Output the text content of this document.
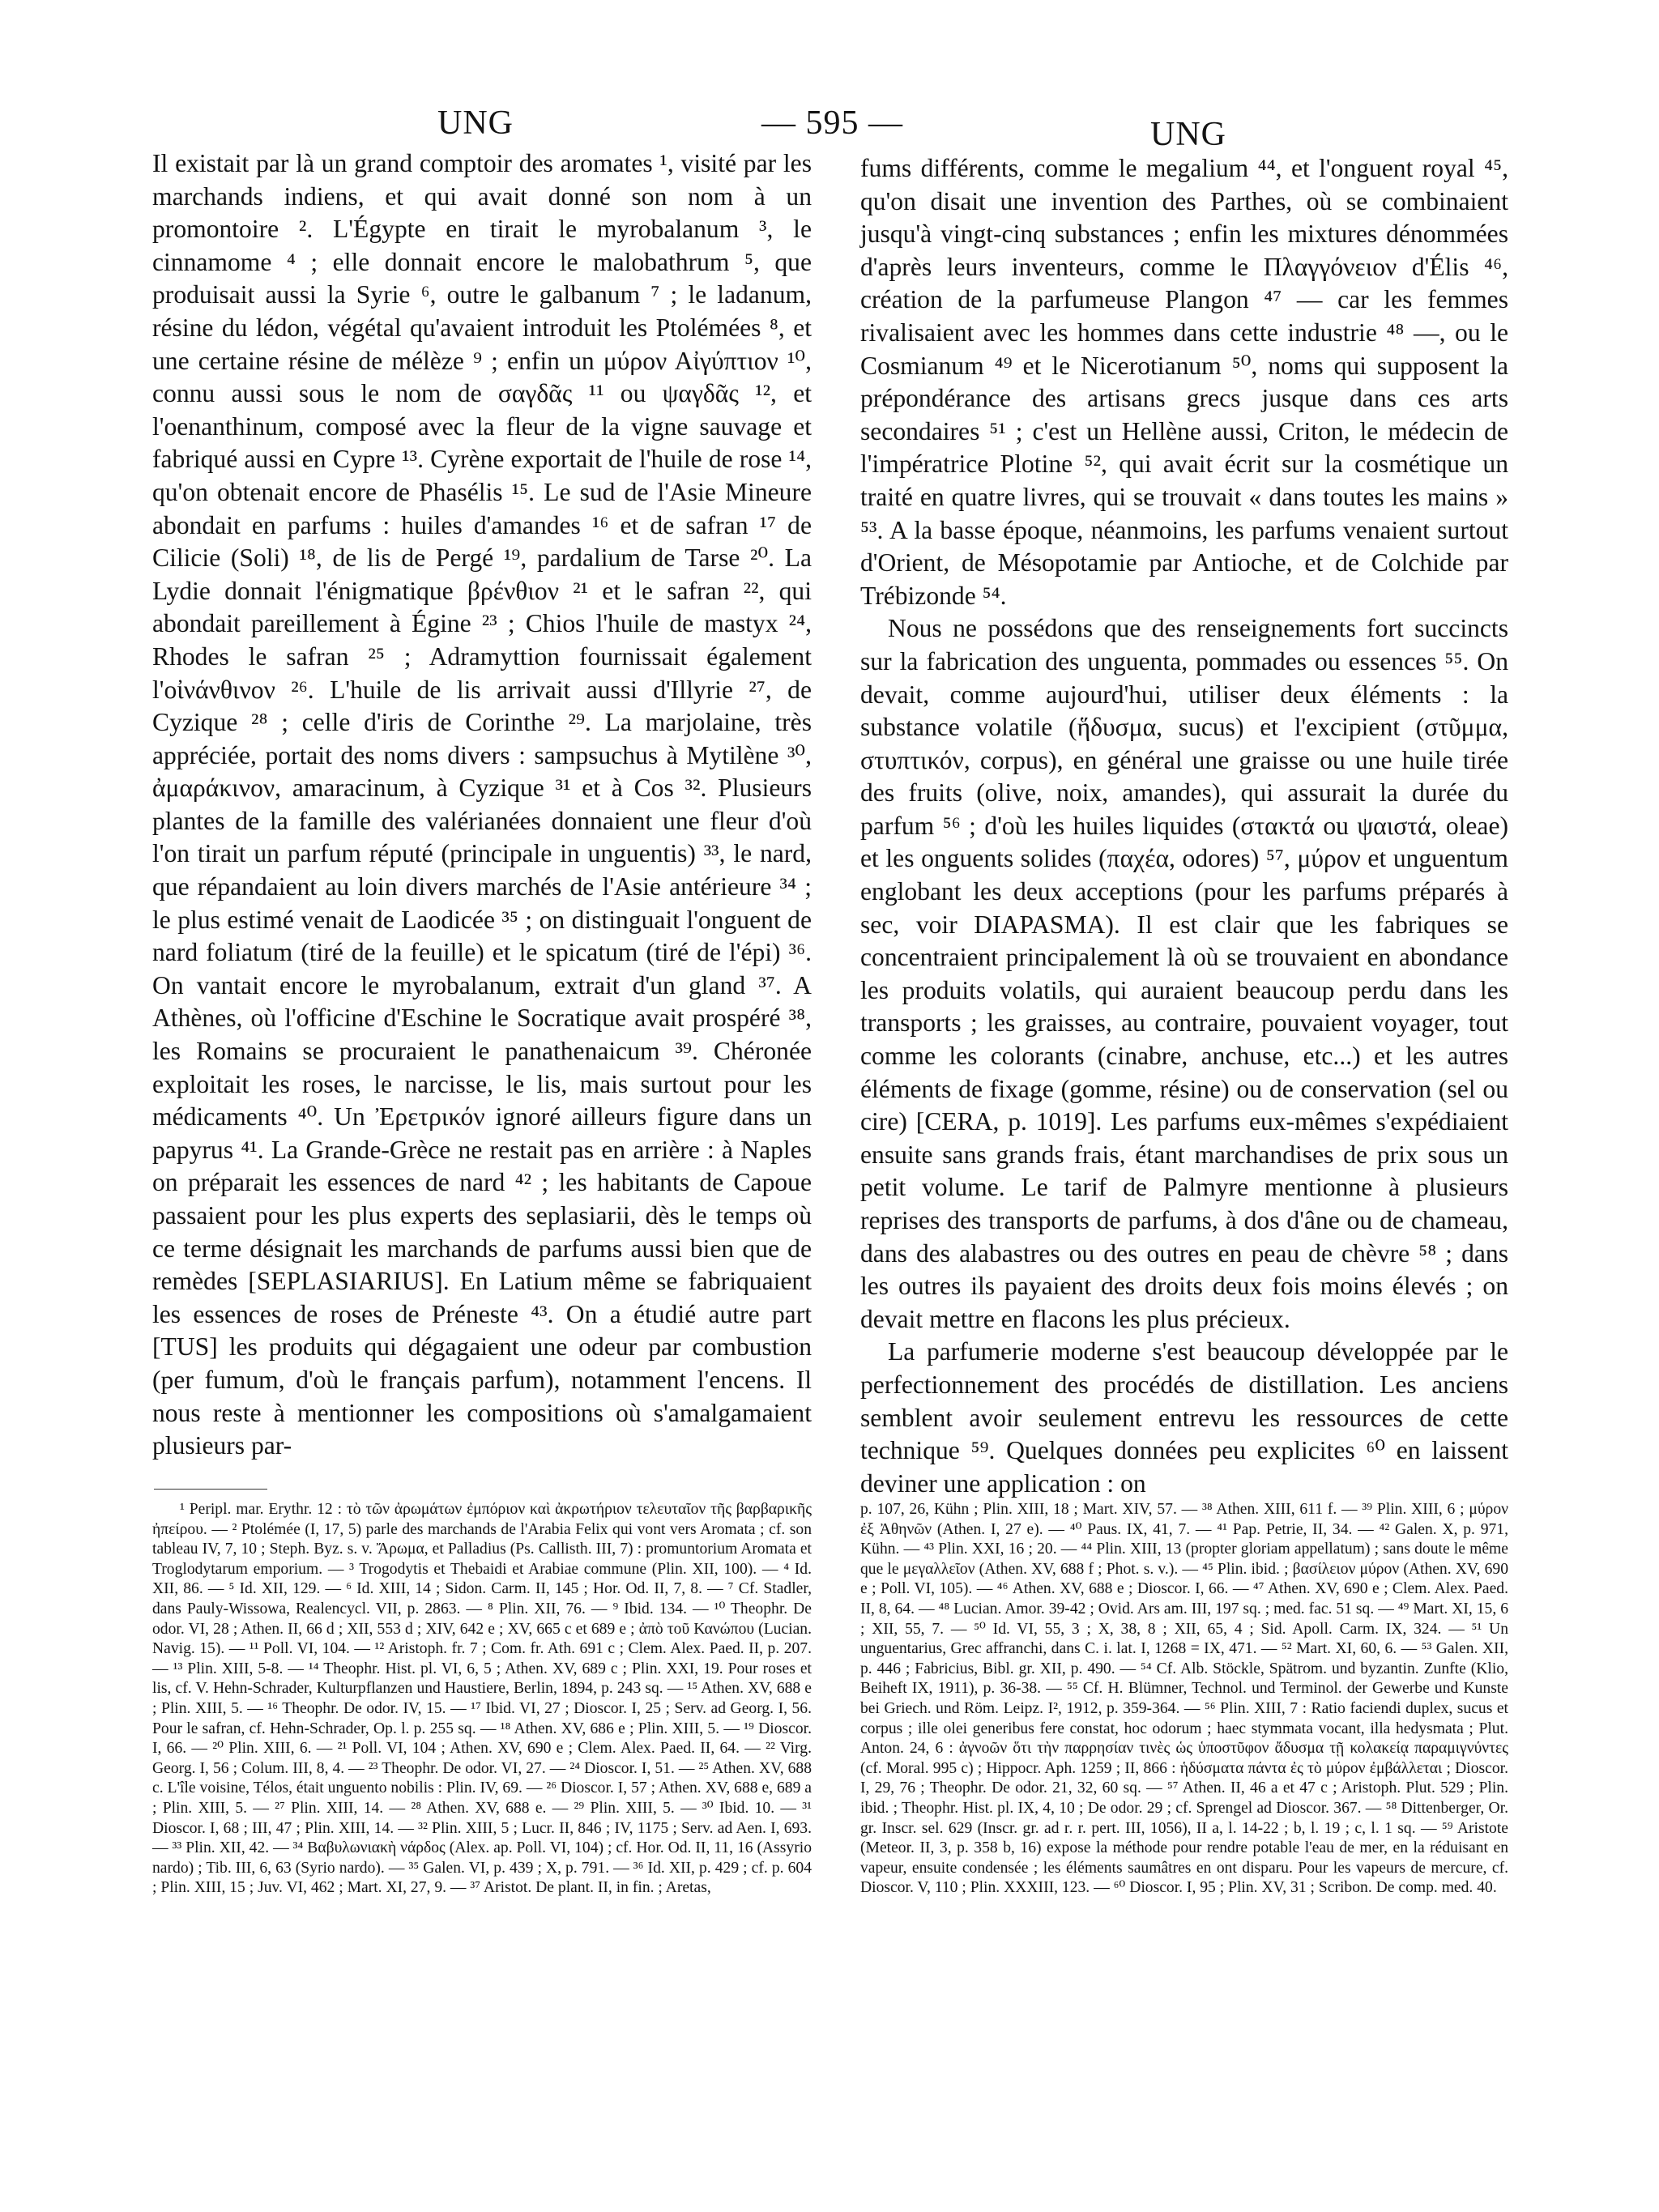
UNG	— 595 —	UNG

Il existait par là un grand comptoir des aromates ¹, visité par les marchands indiens, et qui avait donné son nom à un promontoire ². L'Égypte en tirait le myrobalanum ³, le cinnamome ⁴ ; elle donnait encore le malobathrum ⁵, que produisait aussi la Syrie ⁶, outre le galbanum ⁷ ; le ladanum, résine du lédon, végétal qu'avaient introduit les Ptolémées ⁸, et une certaine résine de mélèze ⁹ ; enfin un μύρον Αἰγύπτιον ¹⁰, connu aussi sous le nom de σαγδᾶς ¹¹ ou ψαγδᾶς ¹², et l'oenanthinum, composé avec la fleur de la vigne sauvage et fabriqué aussi en Cypre ¹³. Cyrène exportait de l'huile de rose ¹⁴, qu'on obtenait encore de Phasélis ¹⁵. Le sud de l'Asie Mineure abondait en parfums : huiles d'amandes ¹⁶ et de safran ¹⁷ de Cilicie (Soli) ¹⁸, de lis de Pergé ¹⁹, pardalium de Tarse ²⁰. La Lydie donnait l'énigmatique βρένθιον ²¹ et le safran ²², qui abondait pareillement à Égine ²³ ; Chios l'huile de mastyx ²⁴, Rhodes le safran ²⁵ ; Adramyttion fournissait également l'οἰνάνθινον ²⁶. L'huile de lis arrivait aussi d'Illyrie ²⁷, de Cyzique ²⁸ ; celle d'iris de Corinthe ²⁹. La marjolaine, très appréciée, portait des noms divers : sampsuchus à Mytilène ³⁰, ἀμαράκινον, amaracinum, à Cyzique ³¹ et à Cos ³². Plusieurs plantes de la famille des valérianées donnaient une fleur d'où l'on tirait un parfum réputé (principale in unguentis) ³³, le nard, que répandaient au loin divers marchés de l'Asie antérieure ³⁴ ; le plus estimé venait de Laodicée ³⁵ ; on distinguait l'onguent de nard foliatum (tiré de la feuille) et le spicatum (tiré de l'épi) ³⁶. On vantait encore le myrobalanum, extrait d'un gland ³⁷. A Athènes, où l'officine d'Eschine le Socratique avait prospéré ³⁸, les Romains se procuraient le panathenaicum ³⁹. Chéronée exploitait les roses, le narcisse, le lis, mais surtout pour les médicaments ⁴⁰. Un Ἐρετρικόν ignoré ailleurs figure dans un papyrus ⁴¹. La Grande-Grèce ne restait pas en arrière : à Naples on préparait les essences de nard ⁴² ; les habitants de Capoue passaient pour les plus experts des seplasiarii, dès le temps où ce terme désignait les marchands de parfums aussi bien que de remèdes [SEPLASIARIUS]. En Latium même se fabriquaient les essences de roses de Préneste ⁴³. On a étudié autre part [TUS] les produits qui dégagaient une odeur par combustion (per fumum, d'où le français parfum), notamment l'encens. Il nous reste à mentionner les compositions où s'amalgamaient plusieurs par-

fums différents, comme le megalium ⁴⁴, et l'onguent royal ⁴⁵, qu'on disait une invention des Parthes, où se combinaient jusqu'à vingt-cinq substances ; enfin les mixtures dénommées d'après leurs inventeurs, comme le Πλαγγόνειον d'Élis ⁴⁶, création de la parfumeuse Plangon ⁴⁷ — car les femmes rivalisaient avec les hommes dans cette industrie ⁴⁸ —, ou le Cosmianum ⁴⁹ et le Nicerotianum ⁵⁰, noms qui supposent la prépondérance des artisans grecs jusque dans ces arts secondaires ⁵¹ ; c'est un Hellène aussi, Criton, le médecin de l'impératrice Plotine ⁵², qui avait écrit sur la cosmétique un traité en quatre livres, qui se trouvait « dans toutes les mains » ⁵³. A la basse époque, néanmoins, les parfums venaient surtout d'Orient, de Mésopotamie par Antioche, et de Colchide par Trébizonde ⁵⁴.

Nous ne possédons que des renseignements fort succincts sur la fabrication des unguenta, pommades ou essences ⁵⁵. On devait, comme aujourd'hui, utiliser deux éléments : la substance volatile (ἥδυσμα, sucus) et l'excipient (στῦμμα, στυπτικόν, corpus), en général une graisse ou une huile tirée des fruits (olive, noix, amandes), qui assurait la durée du parfum ⁵⁶ ; d'où les huiles liquides (στακτά ou ψαιστά, oleae) et les onguents solides (παχέα, odores) ⁵⁷, μύρον et unguentum englobant les deux acceptions (pour les parfums préparés à sec, voir DIAPASMA). Il est clair que les fabriques se concentraient principalement là où se trouvaient en abondance les produits volatils, qui auraient beaucoup perdu dans les transports ; les graisses, au contraire, pouvaient voyager, tout comme les colorants (cinabre, anchuse, etc...) et les autres éléments de fixage (gomme, résine) ou de conservation (sel ou cire) [CERA, p. 1019]. Les parfums eux-mêmes s'expédiaient ensuite sans grands frais, étant marchandises de prix sous un petit volume. Le tarif de Palmyre mentionne à plusieurs reprises des transports de parfums, à dos d'âne ou de chameau, dans des alabastres ou des outres en peau de chèvre ⁵⁸ ; dans les outres ils payaient des droits deux fois moins élevés ; on devait mettre en flacons les plus précieux.

La parfumerie moderne s'est beaucoup développée par le perfectionnement des procédés de distillation. Les anciens semblent avoir seulement entrevu les ressources de cette technique ⁵⁹. Quelques données peu explicites ⁶⁰ en laissent deviner une application : on

¹ Peripl. mar. Erythr. 12 : τὸ τῶν ἀρωμάτων ἐμπόριον καὶ ἀκρωτήριον τελευταῖον τῆς βαρβαρικῆς ἠπείρου. — ² Ptolémée (I, 17, 5) parle des marchands de l'Arabia Felix qui vont vers Aromata ; cf. son tableau IV, 7, 10 ; Steph. Byz. s. v. Ἄρωμα, et Palladius (Ps. Callisth. III, 7) : promuntorium Aromata et Troglodytarum emporium. — ³ Trogodytis et Thebaidi et Arabiae commune (Plin. XII, 100). — ⁴ Id. XII, 86. — ⁵ Id. XII, 129. — ⁶ Id. XIII, 14 ; Sidon. Carm. II, 145 ; Hor. Od. II, 7, 8. — ⁷ Cf. Stadler, dans Pauly-Wissowa, Realencycl. VII, p. 2863. — ⁸ Plin. XII, 76. — ⁹ Ibid. 134. — ¹⁰ Theophr. De odor. VI, 28 ; Athen. II, 66 d ; XII, 553 d ; XIV, 642 e ; XV, 665 c et 689 e ; ἀπὸ τοῦ Κανώπου (Lucian. Navig. 15). — ¹¹ Poll. VI, 104. — ¹² Aristoph. fr. 7 ; Com. fr. Ath. 691 c ; Clem. Alex. Paed. II, p. 207. — ¹³ Plin. XIII, 5-8. — ¹⁴ Theophr. Hist. pl. VI, 6, 5 ; Athen. XV, 689 c ; Plin. XXI, 19. Pour roses et lis, cf. V. Hehn-Schrader, Kulturpflanzen und Haustiere, Berlin, 1894, p. 243 sq. — ¹⁵ Athen. XV, 688 e ; Plin. XIII, 5. — ¹⁶ Theophr. De odor. IV, 15. — ¹⁷ Ibid. VI, 27 ; Dioscor. I, 25 ; Serv. ad Georg. I, 56. Pour le safran, cf. Hehn-Schrader, Op. l. p. 255 sq. — ¹⁸ Athen. XV, 686 e ; Plin. XIII, 5. — ¹⁹ Dioscor. I, 66. — ²⁰ Plin. XIII, 6. — ²¹ Poll. VI, 104 ; Athen. XV, 690 e ; Clem. Alex. Paed. II, 64. — ²² Virg. Georg. I, 56 ; Colum. III, 8, 4. — ²³ Theophr. De odor. VI, 27. — ²⁴ Dioscor. I, 51. — ²⁵ Athen. XV, 688 c. L'île voisine, Télos, était unguento nobilis : Plin. IV, 69. — ²⁶ Dioscor. I, 57 ; Athen. XV, 688 e, 689 a ; Plin. XIII, 5. — ²⁷ Plin. XIII, 14. — ²⁸ Athen. XV, 688 e. — ²⁹ Plin. XIII, 5. — ³⁰ Ibid. 10. — ³¹ Dioscor. I, 68 ; III, 47 ; Plin. XIII, 14. — ³² Plin. XIII, 5 ; Lucr. II, 846 ; IV, 1175 ; Serv. ad Aen. I, 693. — ³³ Plin. XII, 42. — ³⁴ Βαβυλωνιακὴ νάρδος (Alex. ap. Poll. VI, 104) ; cf. Hor. Od. II, 11, 16 (Assyrio nardo) ; Tib. III, 6, 63 (Syrio nardo). — ³⁵ Galen. VI, p. 439 ; X, p. 791. — ³⁶ Id. XII, p. 429 ; cf. p. 604 ; Plin. XIII, 15 ; Juv. VI, 462 ; Mart. XI, 27, 9. — ³⁷ Aristot. De plant. II, in fin. ; Aretas,

p. 107, 26, Kühn ; Plin. XIII, 18 ; Mart. XIV, 57. — ³⁸ Athen. XIII, 611 f. — ³⁹ Plin. XIII, 6 ; μύρον ἐξ Ἀθηνῶν (Athen. I, 27 e). — ⁴⁰ Paus. IX, 41, 7. — ⁴¹ Pap. Petrie, II, 34. — ⁴² Galen. X, p. 971, Kühn. — ⁴³ Plin. XXI, 16 ; 20. — ⁴⁴ Plin. XIII, 13 (propter gloriam appellatum) ; sans doute le même que le μεγαλλεῖον (Athen. XV, 688 f ; Phot. s. v.). — ⁴⁵ Plin. ibid. ; βασίλειον μύρον (Athen. XV, 690 e ; Poll. VI, 105). — ⁴⁶ Athen. XV, 688 e ; Dioscor. I, 66. — ⁴⁷ Athen. XV, 690 e ; Clem. Alex. Paed. II, 8, 64. — ⁴⁸ Lucian. Amor. 39-42 ; Ovid. Ars am. III, 197 sq. ; med. fac. 51 sq. — ⁴⁹ Mart. XI, 15, 6 ; XII, 55, 7. — ⁵⁰ Id. VI, 55, 3 ; X, 38, 8 ; XII, 65, 4 ; Sid. Apoll. Carm. IX, 324. — ⁵¹ Un unguentarius, Grec affranchi, dans C. i. lat. I, 1268 = IX, 471. — ⁵² Mart. XI, 60, 6. — ⁵³ Galen. XII, p. 446 ; Fabricius, Bibl. gr. XII, p. 490. — ⁵⁴ Cf. Alb. Stöckle, Spätrom. und byzantin. Zunfte (Klio, Beiheft IX, 1911), p. 36-38. — ⁵⁵ Cf. H. Blümner, Technol. und Terminol. der Gewerbe und Kunste bei Griech. und Röm. Leipz. I², 1912, p. 359-364. — ⁵⁶ Plin. XIII, 7 : Ratio faciendi duplex, sucus et corpus ; ille olei generibus fere constat, hoc odorum ; haec stymmata vocant, illa hedysmata ; Plut. Anton. 24, 6 : ἀγνοῶν ὅτι τὴν παρρησίαν τινὲς ὡς ὑποστῦφον ἄδυσμα τῇ κολακείᾳ παραμιγνύντες (cf. Moral. 995 c) ; Hippocr. Aph. 1259 ; II, 866 : ἡδύσματα πάντα ἐς τὸ μύρον ἐμβάλλεται ; Dioscor. I, 29, 76 ; Theophr. De odor. 21, 32, 60 sq. — ⁵⁷ Athen. II, 46 a et 47 c ; Aristoph. Plut. 529 ; Plin. ibid. ; Theophr. Hist. pl. IX, 4, 10 ; De odor. 29 ; cf. Sprengel ad Dioscor. 367. — ⁵⁸ Dittenberger, Or. gr. Inscr. sel. 629 (Inscr. gr. ad r. r. pert. III, 1056), II a, l. 14-22 ; b, l. 19 ; c, l. 1 sq. — ⁵⁹ Aristote (Meteor. II, 3, p. 358 b, 16) expose la méthode pour rendre potable l'eau de mer, en la réduisant en vapeur, ensuite condensée ; les éléments saumâtres en ont disparu. Pour les vapeurs de mercure, cf. Dioscor. V, 110 ; Plin. XXXIII, 123. — ⁶⁰ Dioscor. I, 95 ; Plin. XV, 31 ; Scribon. De comp. med. 40.
